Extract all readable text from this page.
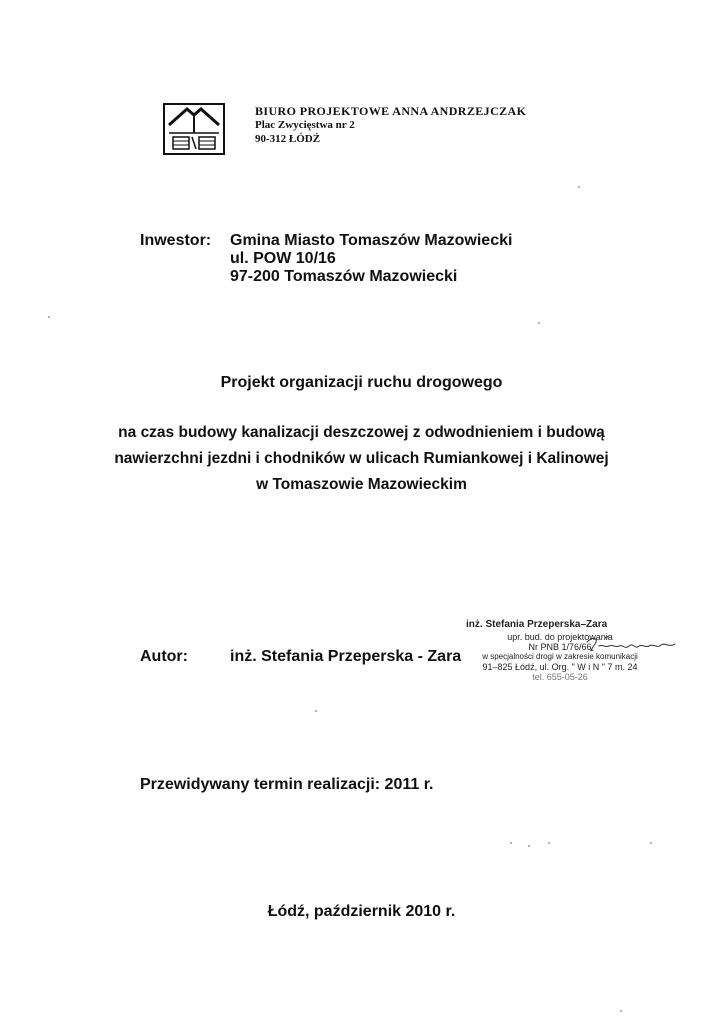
BIURO PROJEKTOWE ANNA ANDRZEJCZAK
Plac Zwycięstwa nr 2
90-312 ŁÓDŹ
Inwestor: Gmina Miasto Tomaszów Mazowiecki
ul. POW 10/16
97-200 Tomaszów Mazowiecki
Projekt organizacji ruchu drogowego
na czas budowy kanalizacji deszczowej z odwodnieniem i budową
nawierzchni jezdni i chodników w ulicach Rumiankowej i Kalinowej
w Tomaszowie Mazowieckim
Autor:	inż. Stefania Przeperska - Zara
inż. Stefania Przeperska–Zara
upr. bud. do projektowania
Nr PNB 1/76/66
w specjalności drogi w zakresie komunikacji
91–825 Łódź, ul. Org. " W i N " 7 m. 24
tel. 655-05-26
Przewidywany termin realizacji: 2011 r.
Łódź, październik 2010 r.
